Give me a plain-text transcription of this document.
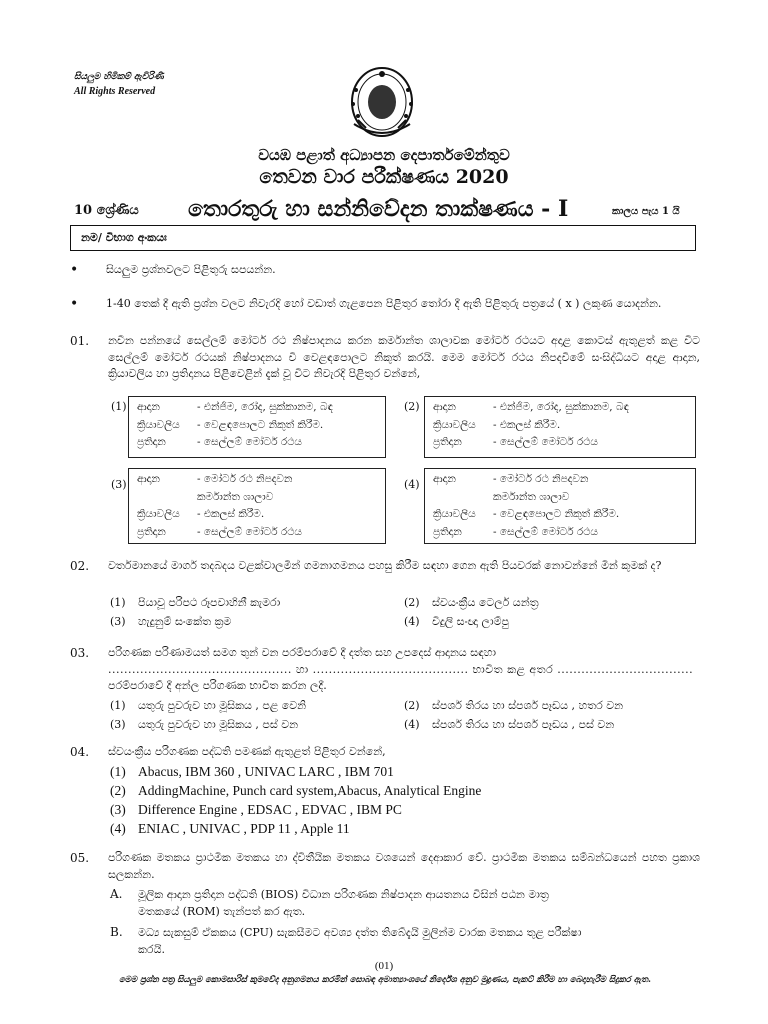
සියලුම හිමිකම් ඇවිරිණි
All Rights Reserved
වයඹ පළාත් අධ්‍යාපන දෙපාර්තමේන්තුව
තෙවන වාර පරීක්ෂණය 2020
10 ශ්‍රේණිය තොරතුරු හා සන්නිවේදන තාක්ෂණය - I	කාලය පැය 1 යි
නම/ විභාග අංකයඃ
•	සියලුම ප්‍රශ්නවලට පිළිතුරු සපයන්න.
•	1-40 තෙක් දී ඇති ප්‍රශ්න වලට නිවැරදි හෝ වඩාත් ගැළපෙන පිළිතුර තෝරා දී ඇති පිළිතුරු පත්‍රයේ ( x ) ලකුණ යොදන්න.
01. නවීන පන්නයේ සෙල්ලම් මෝටර් රථ නිෂ්පාදනය කරන කර්මාන්ත ශාලාවක මෝටර් රථයට අදාළ කොටස් ඇතුළත් කළ විට සෙල්ලම් මෝටර් රථයක් නිෂ්පාදනය වී වෙළඳපොලට නිකුත් කරයි. මෙම මෝටර් රථය නිපදවීමේ සංසිද්ධියට අදාළ ආදාන, ක්‍රියාවලිය හා ප්‍රතිදානය පිළිවෙළින් දැක් වූ විට නිවැරදි පිළිතුර වන්නේ,
(1) ආදාන	- එන්ජිම, රෝද, සුක්කානම, බඳ
ක්‍රියාවලිය	- වෙළඳපොලට නිකුත් කිරීම.
ප්‍රතිදාන	- සෙල්ලම් මෝටර් රථය
(2) ආදාන	- එන්ජිම, රෝද, සුක්කානම, බඳ
ක්‍රියාවලිය	- එකලස් කිරීම.
ප්‍රතිදාන	- සෙල්ලම් මෝටර් රථය
(3) ආදාන	- මෝටර් රථ නිපදවන
කර්මාන්ත ශාලාව
ක්‍රියාවලිය	- එකලස් කිරීම.
ප්‍රතිදාන	- සෙල්ලම් මෝටර් රථය
(4) ආදාන	- මෝටර් රථ නිපදවන
කර්මාන්ත ශාලාව
ක්‍රියාවලිය	- වෙළඳපොලට නිකුත් කිරීම.
ප්‍රතිදාන	- සෙල්ලම් මෝටර් රථය
02. වර්තමානයේ මාර්ග තදබදය වළක්වාලමින් ගමනාගමනය පහසු කිරීම සඳහා ගෙන ඇති පියවරක් නොවන්නේ මින් කුමක් ද?
(1) පියාවූ පරිපථ රූපවාහිනී කැමරා	(2) ස්වයංක්‍රීය ටෙලර් යන්ත්‍ර
(3) හැදුනුම් සංකේත ක්‍රම	(4) විදුලි සංඥා ලාම්පු
03. පරිගණක පරිණාමයත් සමග තුන් වන පරම්පරාවේ දී දත්ත සහ උපදෙස් ආදානය සඳහා
.............................................. හා ....................................... භාවිත කළ අතර ..................................
පරම්පරාවේ දී අන්ල පරිගණක භාවිත කරන ලදී.
(1) යතුරු පුවරුව හා මූසිකය , පළ වෙනි	(2) ස්පර්ශ තිරය හා ස්පර්ශ පෑඩය , හතර වන
(3) යතුරු පුවරුව හා මූසිකය , පස් වන	(4) ස්පර්ශ තිරය හා ස්පර්ශ පෑඩය , පස් වන
04. ස්වයංක්‍රීය පරිගණක පද්ධති පමණක් ඇතුළත් පිළිතුර වන්නේ,
(1) Abacus, IBM 360 , UNIVAC LARC , IBM 701
(2) AddingMachine, Punch card system,Abacus, Analytical Engine
(3) Difference Engine , EDSAC , EDVAC , IBM PC
(4) ENIAC , UNIVAC , PDP 11 , Apple 11
05. පරිගණක මතකය ප්‍රාථමික මතකය හා ද්විතීයික මතකය වශයෙන් දෙආකාර වේ. ප්‍රාථමික මතකය සම්බන්ධයෙන් පහත ප්‍රකාශ සලකන්න.
A. මූලික ආදාන ප්‍රතිදාන පද්ධති (BIOS) විධාන පරිගණක නිෂ්පාදන ආයතනය විසින් පඨන මාත්‍ර
මතකයේ (ROM) තැන්පත් කර ඇත.
B. මධ්‍ය සැකසුම් ඒකකය (CPU) සැකසීමට අවශ්‍ය දත්ත තිබේදැයි මුලින්ම වාරක මතකය තුළ පරීක්ෂා
කරයි.
(01)
මෙම ප්‍රශ්න පත්‍ර සියලුම කොමසාරිස් කුමවේද අනුගමනය කරමින් සොබඳ අමාත්‍යාංශයේ නිර්දේශ අනුව මුද්‍රණය, පැකට් කිරීම හා බෙදාහැරීම සිදුකර ඇත.
